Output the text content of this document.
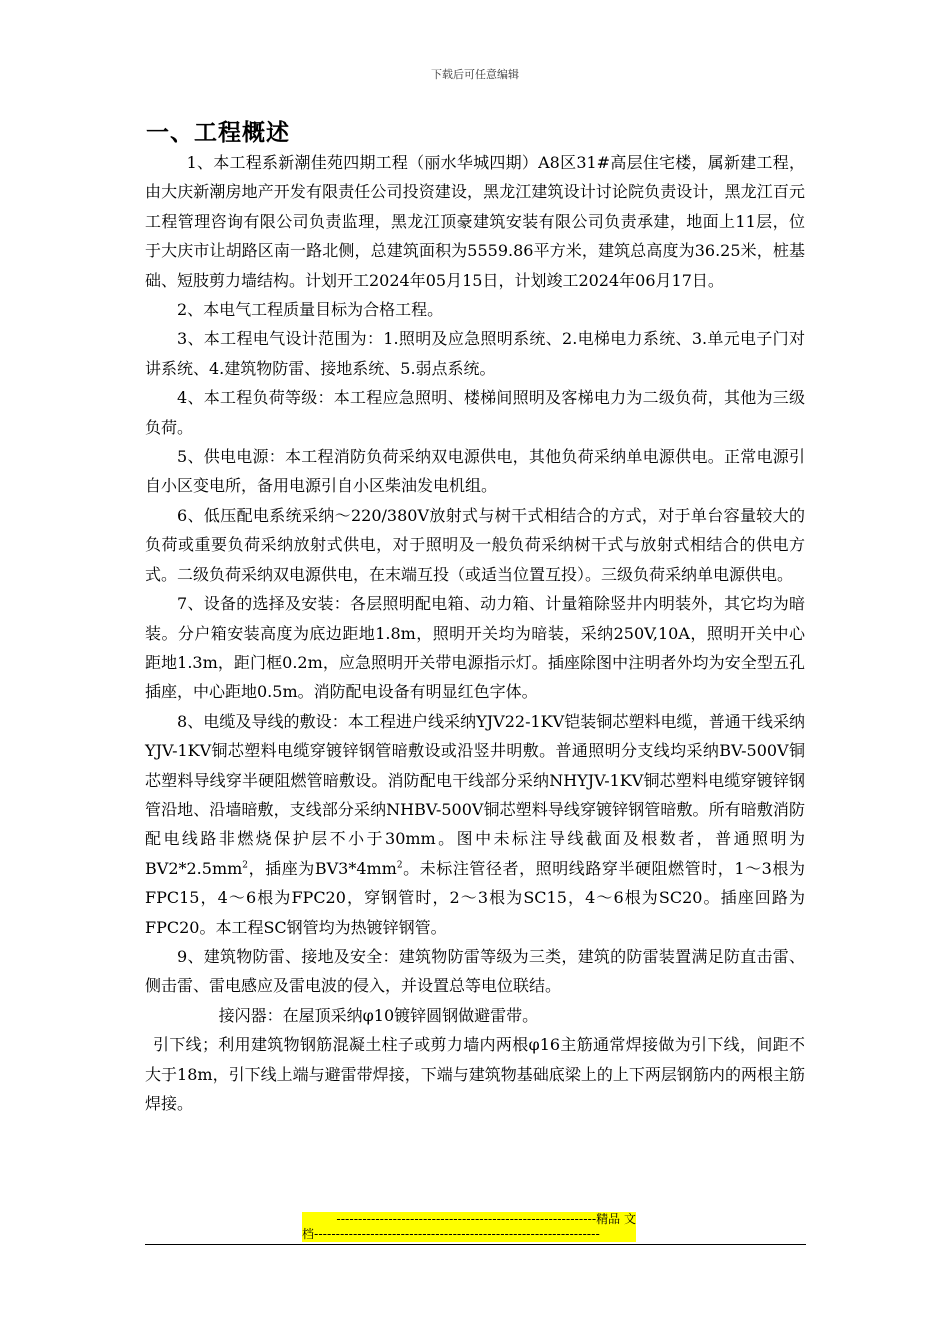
下载后可任意编辑
一、工程概述

1、本工程系新潮佳苑四期工程（丽水华城四期）A8区31#高层住宅楼，属新建工程，由大庆新潮房地产开发有限责任公司投资建设，黑龙江建筑设计讨论院负责设计，黑龙江百元工程管理咨询有限公司负责监理，黑龙江顶豪建筑安装有限公司负责承建，地面上11层，位于大庆市让胡路区南一路北侧，总建筑面积为5559.86平方米，建筑总高度为36.25米，桩基础、短肢剪力墙结构。计划开工2024年05月15日，计划竣工2024年06月17日。

2、本电气工程质量目标为合格工程。

3、本工程电气设计范围为：1.照明及应急照明系统、2.电梯电力系统、3.单元电子门对讲系统、4.建筑物防雷、接地系统、5.弱点系统。

4、本工程负荷等级：本工程应急照明、楼梯间照明及客梯电力为二级负荷，其他为三级负荷。

5、供电电源：本工程消防负荷采纳双电源供电，其他负荷采纳单电源供电。正常电源引自小区变电所，备用电源引自小区柴油发电机组。

6、低压配电系统采纳～220/380V放射式与树干式相结合的方式，对于单台容量较大的负荷或重要负荷采纳放射式供电，对于照明及一般负荷采纳树干式与放射式相结合的供电方式。二级负荷采纳双电源供电，在末端互投（或适当位置互投）。三级负荷采纳单电源供电。

7、设备的选择及安装：各层照明配电箱、动力箱、计量箱除竖井内明装外，其它均为暗装。分户箱安装高度为底边距地1.8m，照明开关均为暗装，采纳250V,10A，照明开关中心距地1.3m，距门框0.2m，应急照明开关带电源指示灯。插座除图中注明者外均为安全型五孔插座，中心距地0.5m。消防配电设备有明显红色字体。

8、电缆及导线的敷设：本工程进户线采纳YJV22-1KV铠装铜芯塑料电缆，普通干线采纳YJV-1KV铜芯塑料电缆穿镀锌钢管暗敷设或沿竖井明敷。普通照明分支线均采纳BV-500V铜芯塑料导线穿半硬阻燃管暗敷设。消防配电干线部分采纳NHYJV-1KV铜芯塑料电缆穿镀锌钢管沿地、沿墙暗敷，支线部分采纳NHBV-500V铜芯塑料导线穿镀锌钢管暗敷。所有暗敷消防配电线路非燃烧保护层不小于30mm。图中未标注导线截面及根数者，普通照明为$BV2*2.5mm^2$，插座为$BV3*4mm^2$。未标注管径者，照明线路穿半硬阻燃管时，1～3根为FPC15，4～6根为FPC20，穿钢管时，2～3根为SC15，4～6根为SC20。插座回路为FPC20。本工程SC钢管均为热镀锌钢管。

9、建筑物防雷、接地及安全：建筑物防雷等级为三类，建筑的防雷装置满足防直击雷、侧击雷、雷电感应及雷电波的侵入，并设置总等电位联结。

接闪器：在屋顶采纳φ10镀锌圆钢做避雷带。

引下线；利用建筑物钢筋混凝土柱子或剪力墙内两根φ16主筋通常焊接做为引下线，间距不大于18m，引下线上端与避雷带焊接，下端与建筑物基础底梁上的上下两层钢筋内的两根主筋焊接。

------------------------------------------------------------精品 文
档------------------------------------------------------------------
